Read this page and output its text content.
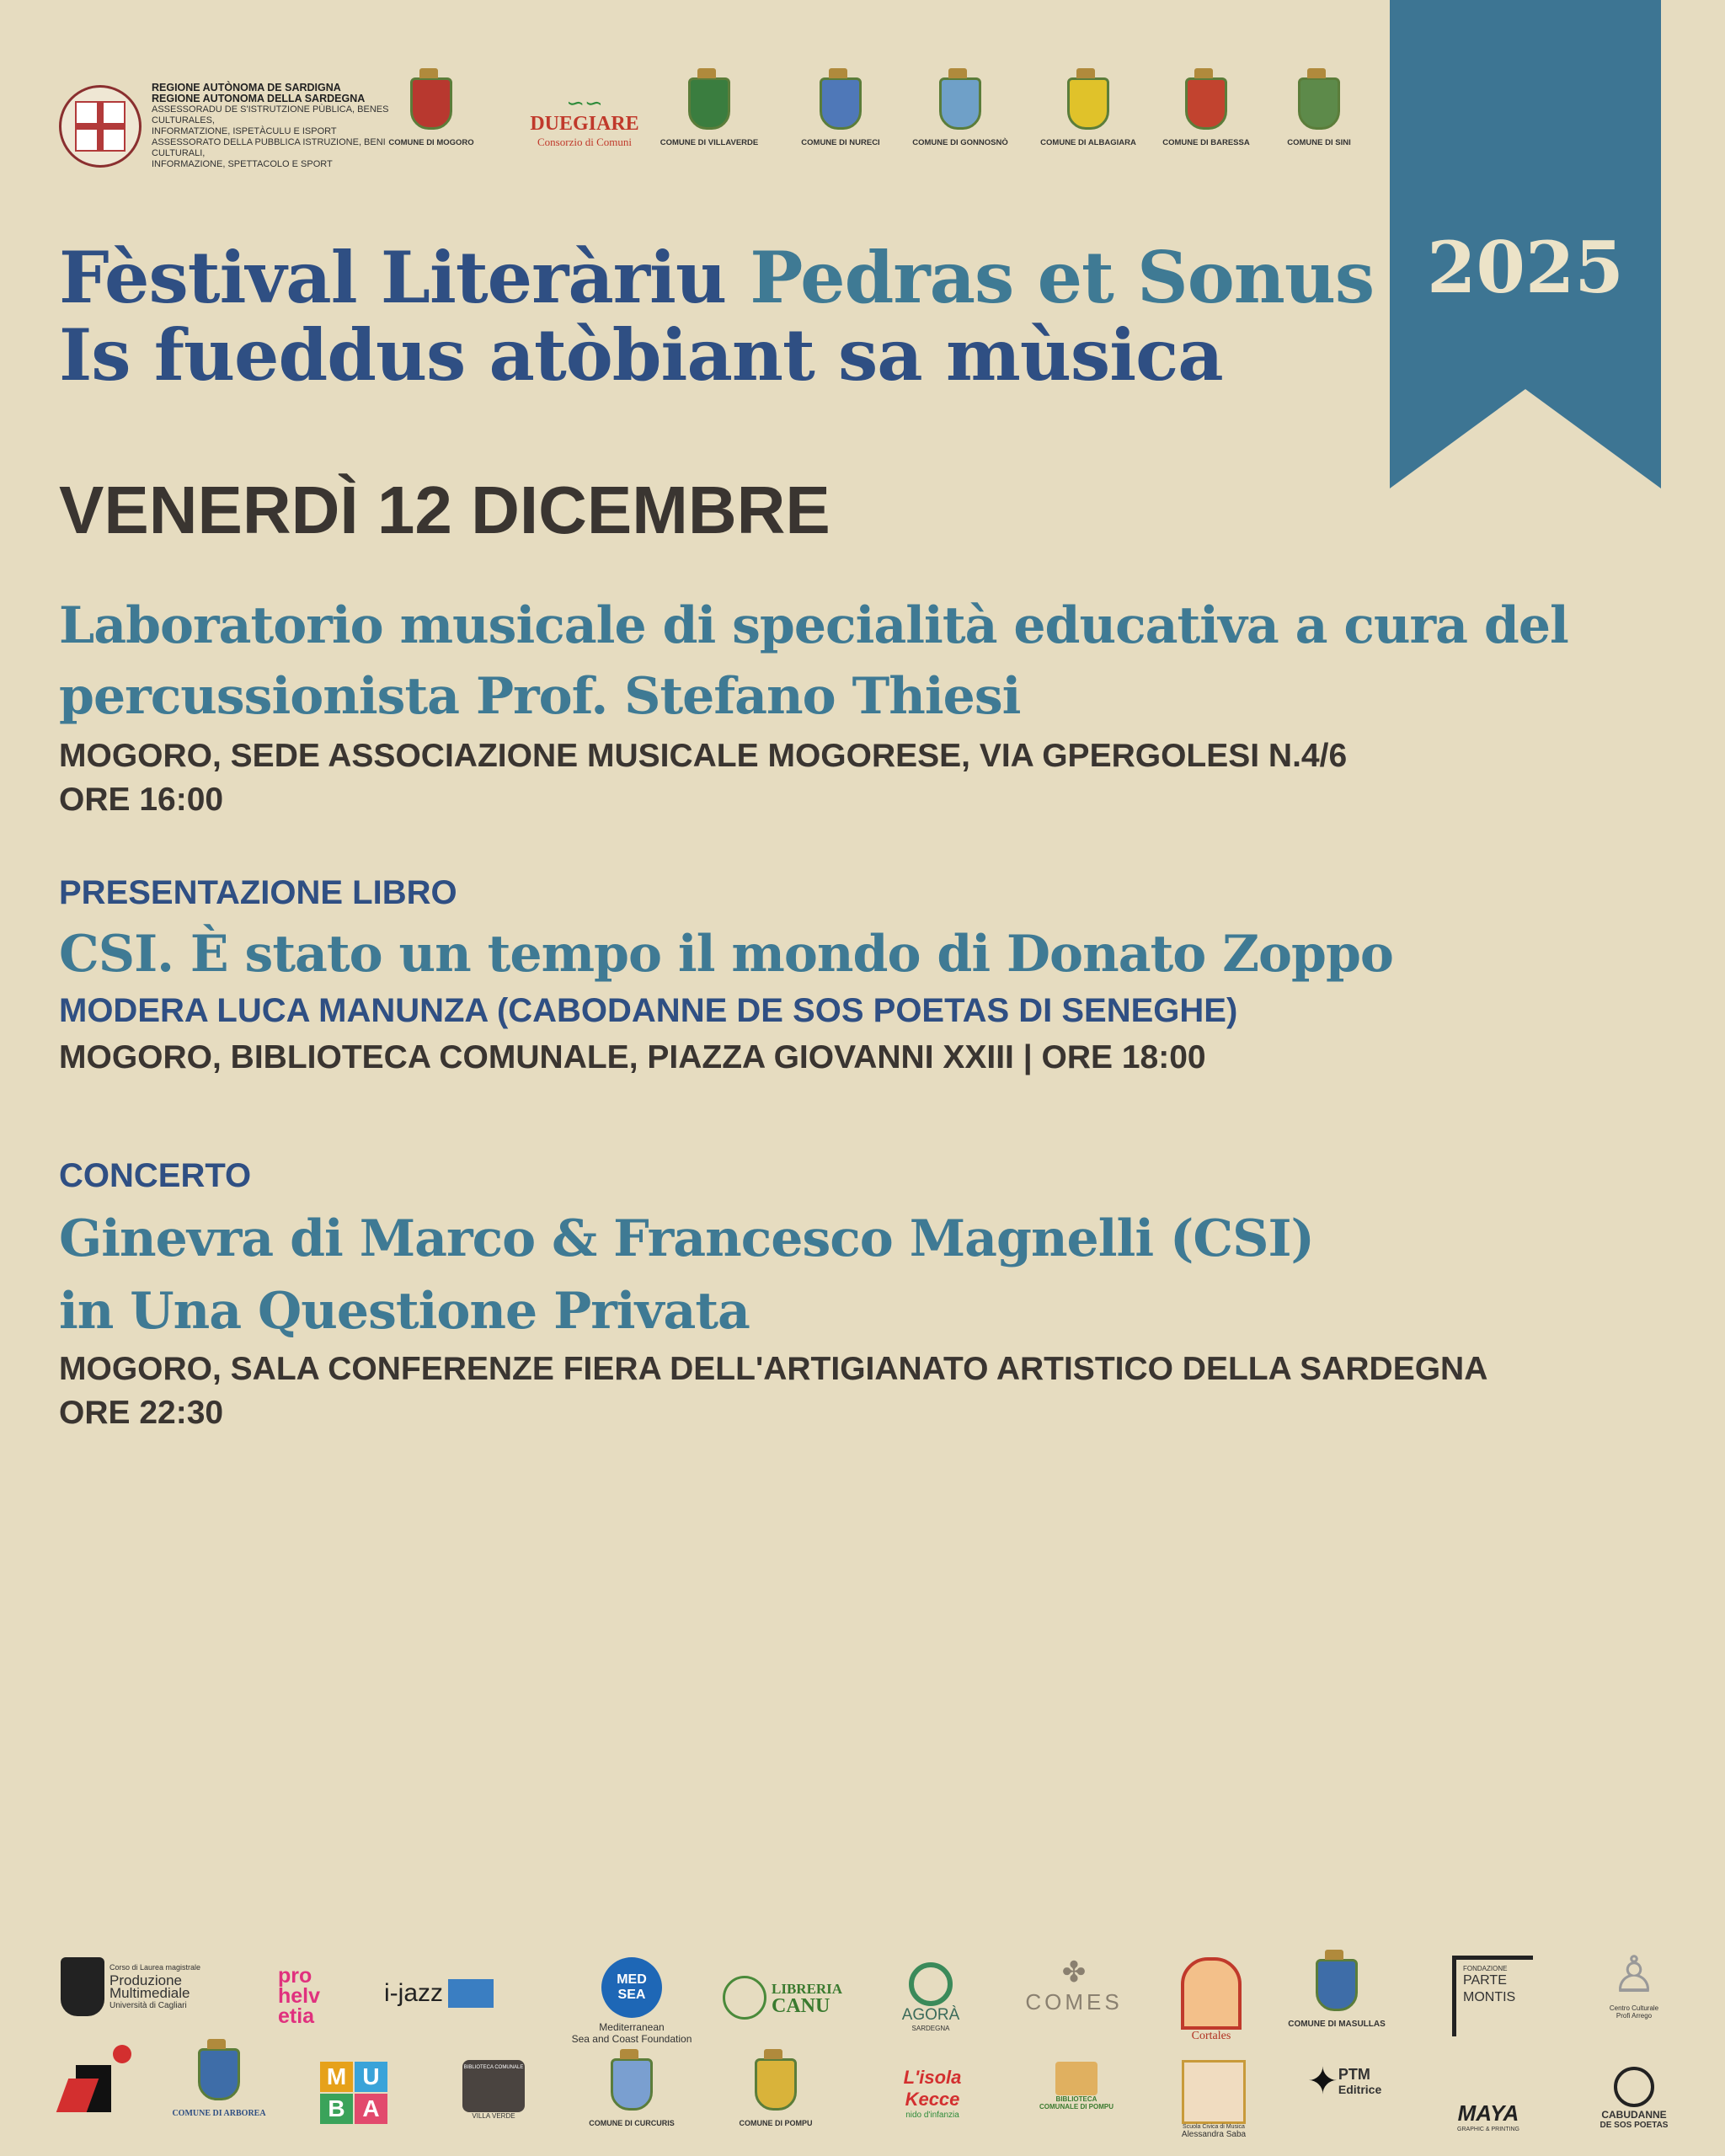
REGIONE AUTÒNOMA DE SARDIGNA
REGIONE AUTONOMA DELLA SARDEGNA
ASSESSORADU DE S'ISTRUTZIONE PÙBLICA, BENES CULTURALES,
INFORMATZIONE, ISPETÀCULU E ISPORT
ASSESSORATO DELLA PUBBLICA ISTRUZIONE, BENI CULTURALI,
INFORMAZIONE, SPETTACOLO E SPORT
COMUNE DI MOGORO
∽∽
DUEGIARE
Consorzio di Comuni	COMUNE DI VILLAVERDE	COMUNE DI NURECI	COMUNE DI GONNOSNÒ	COMUNE DI ALBAGIARA	COMUNE DI BARESSA	COMUNE DI SINI
2025
Fèstival Literàriu Pedras et Sonus
Is fueddus atòbiant sa mùsica
VENERDÌ 12 DICEMBRE
Laboratorio musicale di specialità educativa a cura del
percussionista Prof. Stefano Thiesi
MOGORO, SEDE ASSOCIAZIONE MUSICALE MOGORESE, VIA GPERGOLESI N.4/6
ORE 16:00
PRESENTAZIONE LIBRO
CSI. È stato un tempo il mondo di Donato Zoppo
MODERA LUCA MANUNZA (CABODANNE DE SOS POETAS DI SENEGHE)
MOGORO, BIBLIOTECA COMUNALE, PIAZZA GIOVANNI XXIII | ORE 18:00
CONCERTO
Ginevra di Marco & Francesco Magnelli (CSI)
in Una Questione Privata
MOGORO, SALA CONFERENZE FIERA DELL'ARTIGIANATO ARTISTICO DELLA SARDEGNA
ORE 22:30
Corso di Laurea magistrale
Produzione
Multimediale
Università di Cagliari
pro
helv
etia
i-jazz	MED SEA
Mediterranean
Sea and Coast Foundation
LIBRERIA
CANU	AGORÀ
SARDEGNA
✤
COMES
Cortales
COMUNE DI MASULLAS
FONDAZIONE
PARTE
MONTIS	♙
Centro Culturale
Profi Arrego
COMUNE DI ARBOREA
M U
B A
BIBLIOTECA COMUNALE
VILLA VERDE
COMUNE DI CURCURIS	COMUNE DI POMPU
L'isola Kecce
nido d'infanzia
BIBLIOTECA
COMUNALE DI POMPU
Scuola Civica di Musica
Alessandra Saba
✦ PTM
Editrice
MAYA
GRAPHIC & PRINTING
CABUDANNE
DE SOS POETAS
